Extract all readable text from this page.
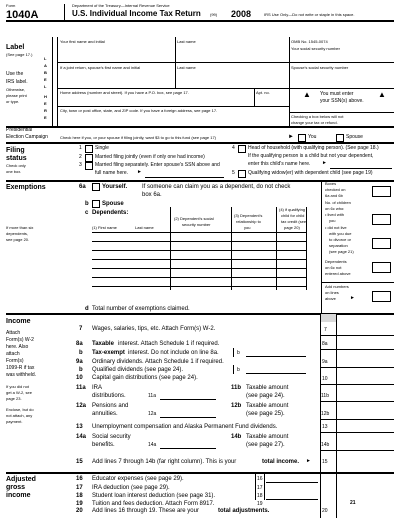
Form
1040A
Department of the Treasury—Internal Revenue Service
U.S. Individual Income Tax Return (99) 2008	IRS Use Only—Do not write or staple in this space.
Label
(See page 17.)
Use the
IRS label.
Otherwise,
please print
or type.
L
A
B
E
L
H
E
R
E
Your first name and initial	Last name	OMB No. 1545-0074
Your social security number
If a joint return, spouse's first name and initial	Last name	Spouse's social security number
Home address (number and street). If you have a P.O. box, see page 17.	Apt. no.
City, town or post office, state, and ZIP code. If you have a foreign address, see page 17.
▲ You must enter
your SSN(s) above.
▲
Checking a box below will not
change your tax or refund.
Presidential
Election Campaign	Check here if you, or your spouse if filing jointly, want $3 to go to this fund (see page 17)	►	You	Spouse
Filing
status
Check only
one box.
1	Single
2	Married filing jointly (even if only one had income)
3	Married filing separately. Enter spouse's SSN above and
full name here. ►
4	Head of household (with qualifying person). (See page 18.)
If the qualifying person is a child but not your dependent,
enter this child's name here. ►
5	Qualifying widow(er) with dependent child (see page 19)
Exemptions	6a	Yourself. If someone can claim you as a dependent, do not check
box 6a.
b Spouse
c Dependents:
(1) First name	Last name
(2) Dependent's social
security number
(3) Dependent's
relationship to
you
(4) if qualifying
child for child
tax credit (see
page 20)
If more than six
dependents,
see page 20.
Boxes
checked on
6a and 6b
No. of children
on 6c who:
• lived with
you
• did not live
with you due
to divorce or
separation
(see page 21)
Dependents
on 6c not
entered above
Add numbers
on lines
above	►
d Total number of exemptions claimed.
Income
Attach
Form(s) W-2
here. Also
attach
Form(s)
1099-R if tax
was withheld.
If you did not
get a W-2, see
page 23.
Enclose, but do
not attach, any
payment.
7 Wages, salaries, tips, etc. Attach Form(s) W-2.	7
8a Taxable interest. Attach Schedule 1 if required.	8a
b Tax-exempt interest. Do not include on line 8a.	b
9a Ordinary dividends. Attach Schedule 1 if required.	9a
b Qualified dividends (see page 24).	b
10 Capital gain distributions (see page 24).	10
11a IRA
distributions.	11a
11b Taxable amount
(see page 24).	11b
12a Pensions and
annuities.	12a
12b Taxable amount
(see page 25).	12b
13 Unemployment compensation and Alaska Permanent Fund dividends.	13
14a Social security
benefits.	14a
14b Taxable amount
(see page 27).	14b
15 Add lines 7 through 14b (far right column). This is your	total income. ► 15
Adjusted
gross
income
16 Educator expenses (see page 29).	16
17 IRA deduction (see page 29).	17
18 Student loan interest deduction (see page 31).	18
19 Tuition and fees deduction. Attach Form 8917.	19
20 Add lines 16 through 19. These are your	total adjustments.	20
21
